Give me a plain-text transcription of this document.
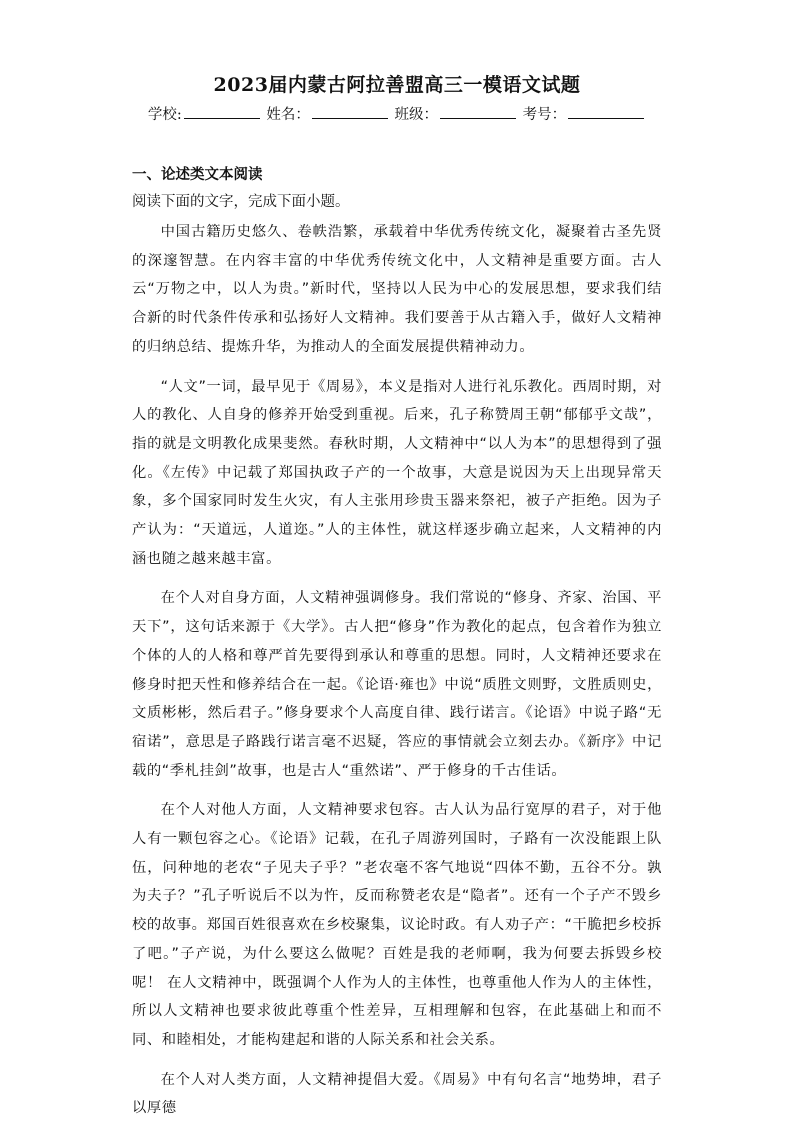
2023届内蒙古阿拉善盟高三一模语文试题
学校:	姓名：	班级：	考号：
一、论述类文本阅读
阅读下面的文字，完成下面小题。

中国古籍历史悠久、卷帙浩繁，承载着中华优秀传统文化，凝聚着古圣先贤的深邃智慧。在内容丰富的中华优秀传统文化中，人文精神是重要方面。古人云“万物之中，以人为贵。”新时代，坚持以人民为中心的发展思想，要求我们结合新的时代条件传承和弘扬好人文精神。我们要善于从古籍入手，做好人文精神的归纳总结、提炼升华，为推动人的全面发展提供精神动力。

“人文”一词，最早见于《周易》，本义是指对人进行礼乐教化。西周时期，对人的教化、人自身的修养开始受到重视。后来，孔子称赞周王朝“郁郁乎文哉”，指的就是文明教化成果斐然。春秋时期，人文精神中“以人为本”的思想得到了强化。《左传》中记载了郑国执政子产的一个故事，大意是说因为天上出现异常天象，多个国家同时发生火灾，有人主张用珍贵玉器来祭祀，被子产拒绝。因为子产认为：“天道远，人道迩。”人的主体性，就这样逐步确立起来，人文精神的内涵也随之越来越丰富。

在个人对自身方面，人文精神强调修身。我们常说的“修身、齐家、治国、平天下”，这句话来源于《大学》。古人把“修身”作为教化的起点，包含着作为独立个体的人的人格和尊严首先要得到承认和尊重的思想。同时，人文精神还要求在修身时把天性和修养结合在一起。《论语·雍也》中说“质胜文则野，文胜质则史，文质彬彬，然后君子。”修身要求个人高度自律、践行诺言。《论语》中说子路“无宿诺”，意思是子路践行诺言毫不迟疑，答应的事情就会立刻去办。《新序》中记载的“季札挂剑”故事，也是古人“重然诺”、严于修身的千古佳话。

在个人对他人方面，人文精神要求包容。古人认为品行宽厚的君子，对于他人有一颗包容之心。《论语》记载，在孔子周游列国时，子路有一次没能跟上队伍，问种地的老农“子见夫子乎？”老农毫不客气地说“四体不勤，五谷不分。孰为夫子？”孔子听说后不以为忤，反而称赞老农是“隐者”。还有一个子产不毁乡校的故事。郑国百姓很喜欢在乡校聚集，议论时政。有人劝子产：“干脆把乡校拆了吧。”子产说，为什么要这么做呢？百姓是我的老师啊，我为何要去拆毁乡校呢！ 在人文精神中，既强调个人作为人的主体性，也尊重他人作为人的主体性，所以人文精神也要求彼此尊重个性差异，互相理解和包容，在此基础上和而不同、和睦相处，才能构建起和谐的人际关系和社会关系。

在个人对人类方面，人文精神提倡大爱。《周易》中有句名言“地势坤，君子以厚德
